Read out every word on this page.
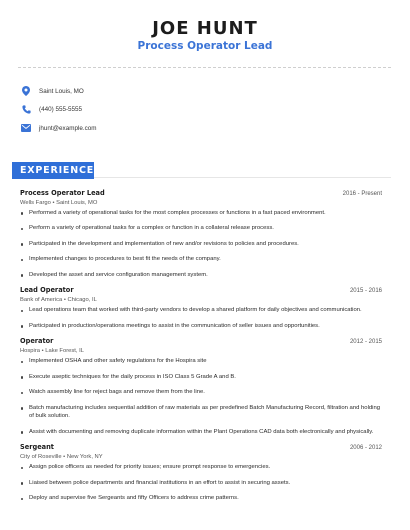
JOE HUNT
Process Operator Lead
Saint Louis, MO
(440) 555-5555
jhunt@example.com
EXPERIENCE
Process Operator Lead	2016 - Present
Wells Fargo • Saint Louis, MO
Performed a variety of operational tasks for the most complex processes or functions in a fast paced environment.
Perform a variety of operational tasks for a complex or function in a collateral release process.
Participated in the development and implementation of new and/or revisions to policies and procedures.
Implemented changes to procedures to best fit the needs of the company.
Developed the asset and service configuration management system.
Lead Operator	2015 - 2016
Bank of America • Chicago, IL
Lead operations team that worked with third-party vendors to develop a shared platform for daily objectives and communication.
Participated in production/operations meetings to assist in the communication of seller issues and opportunities.
Operator	2012 - 2015
Hospira • Lake Forest, IL
Implemented OSHA and other safety regulations for the Hospira site
Execute aseptic techniques for the daily process in ISO Class 5 Grade A and B.
Watch assembly line for reject bags and remove them from the line.
Batch manufacturing includes sequential addition of raw materials as per predefined Batch Manufacturing Record, filtration and holding of bulk solution.
Assist with documenting and removing duplicate information within the Plant Operations CAD data both electronically and physically.
Sergeant	2006 - 2012
City of Roseville • New York, NY
Assign police officers as needed for priority issues; ensure prompt response to emergencies.
Liaised between police departments and financial institutions in an effort to assist in securing assets.
Deploy and supervise five Sergeants and fifty Officers to address crime patterns.
